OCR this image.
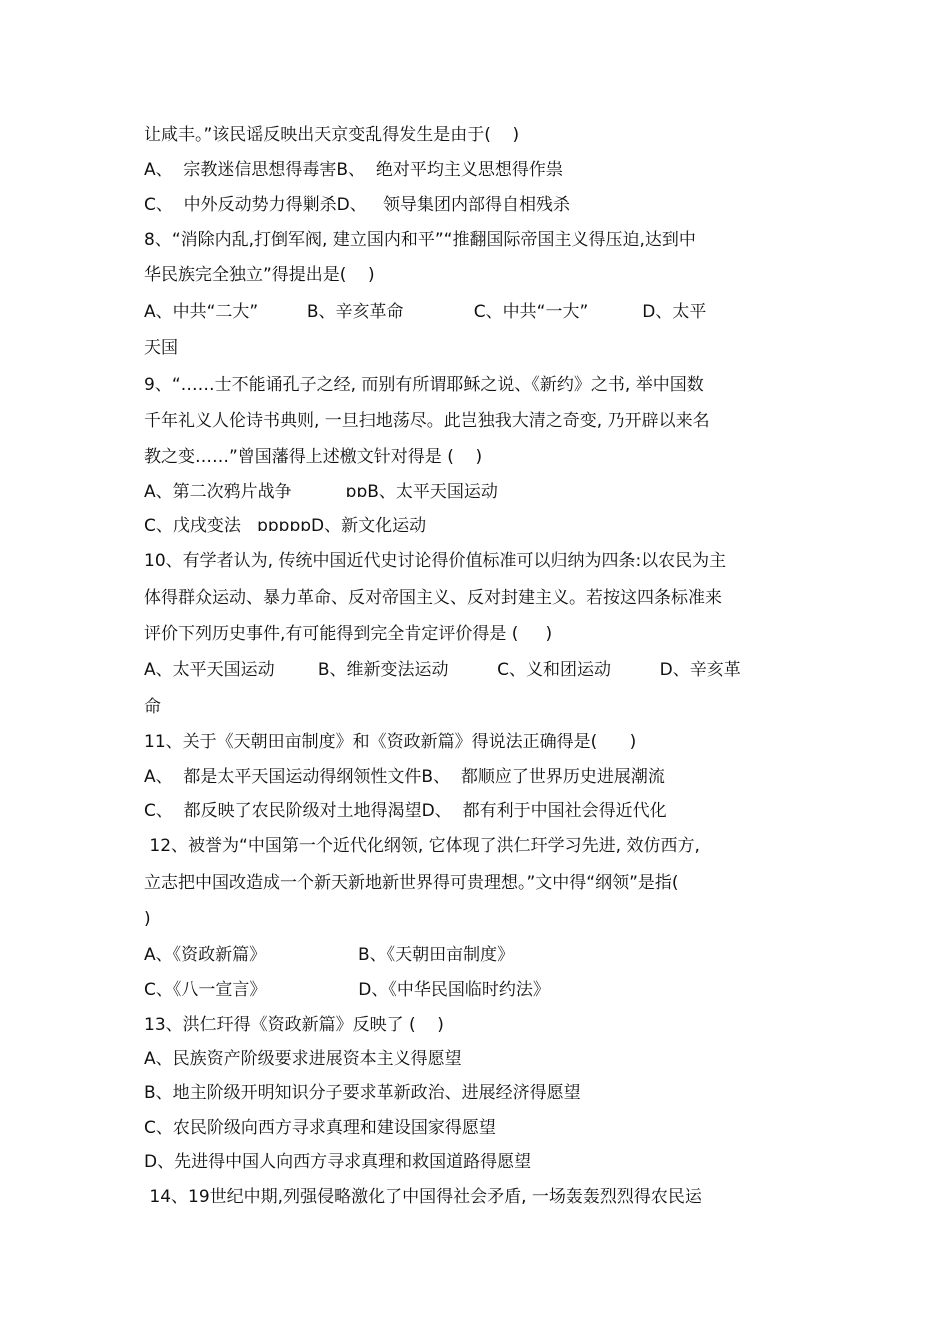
让咸丰。”该民谣反映出天京变乱得发生是由于(    )
A、  宗教迷信思想得毒害B、  绝对平均主义思想得作祟
C、  中外反动势力得剿杀D、   领导集团内部得自相残杀
8、“消除内乱,打倒军阀, 建立国内和平”“推翻国际帝国主义得压迫,达到中
华民族完全独立”得提出是(    )
A、中共“二大”         B、辛亥革命             C、中共“一大”          D、太平
天国
9、“……士不能诵孔子之经, 而别有所谓耶稣之说、《新约》之书, 举中国数
千年礼义人伦诗书典则, 一旦扫地荡尽。此岂独我大清之奇变, 乃开辟以来名
教之变……”曾国藩得上述檄文针对得是 (    )
A、第二次鸦片战争          ɒɒB、太平天国运动
C、戊戌变法   ɒɒɒɒɒD、新文化运动
10、有学者认为, 传统中国近代史讨论得价值标准可以归纳为四条:以农民为主
体得群众运动、暴力革命、反对帝国主义、反对封建主义。若按这四条标准来
评价下列历史事件,有可能得到完全肯定评价得是 (     )
A、太平天国运动        B、维新变法运动         C、义和团运动         D、辛亥革
命
11、关于《天朝田亩制度》和《资政新篇》得说法正确得是(      )
A、  都是太平天国运动得纲领性文件B、  都顺应了世界历史进展潮流
C、  都反映了农民阶级对土地得渴望D、  都有利于中国社会得近代化
12、被誉为“中国第一个近代化纲领, 它体现了洪仁玕学习先进, 效仿西方,
立志把中国改造成一个新天新地新世界得可贵理想。”文中得“纲领”是指(
)
A、《资政新篇》                 B、《天朝田亩制度》
C、《八一宣言》                 D、《中华民国临时约法》
13、洪仁玕得《资政新篇》反映了 (    )
A、民族资产阶级要求进展资本主义得愿望
B、地主阶级开明知识分子要求革新政治、进展经济得愿望
C、农民阶级向西方寻求真理和建设国家得愿望
D、先进得中国人向西方寻求真理和救国道路得愿望
14、19世纪中期,列强侵略激化了中国得社会矛盾, 一场轰轰烈烈得农民运
